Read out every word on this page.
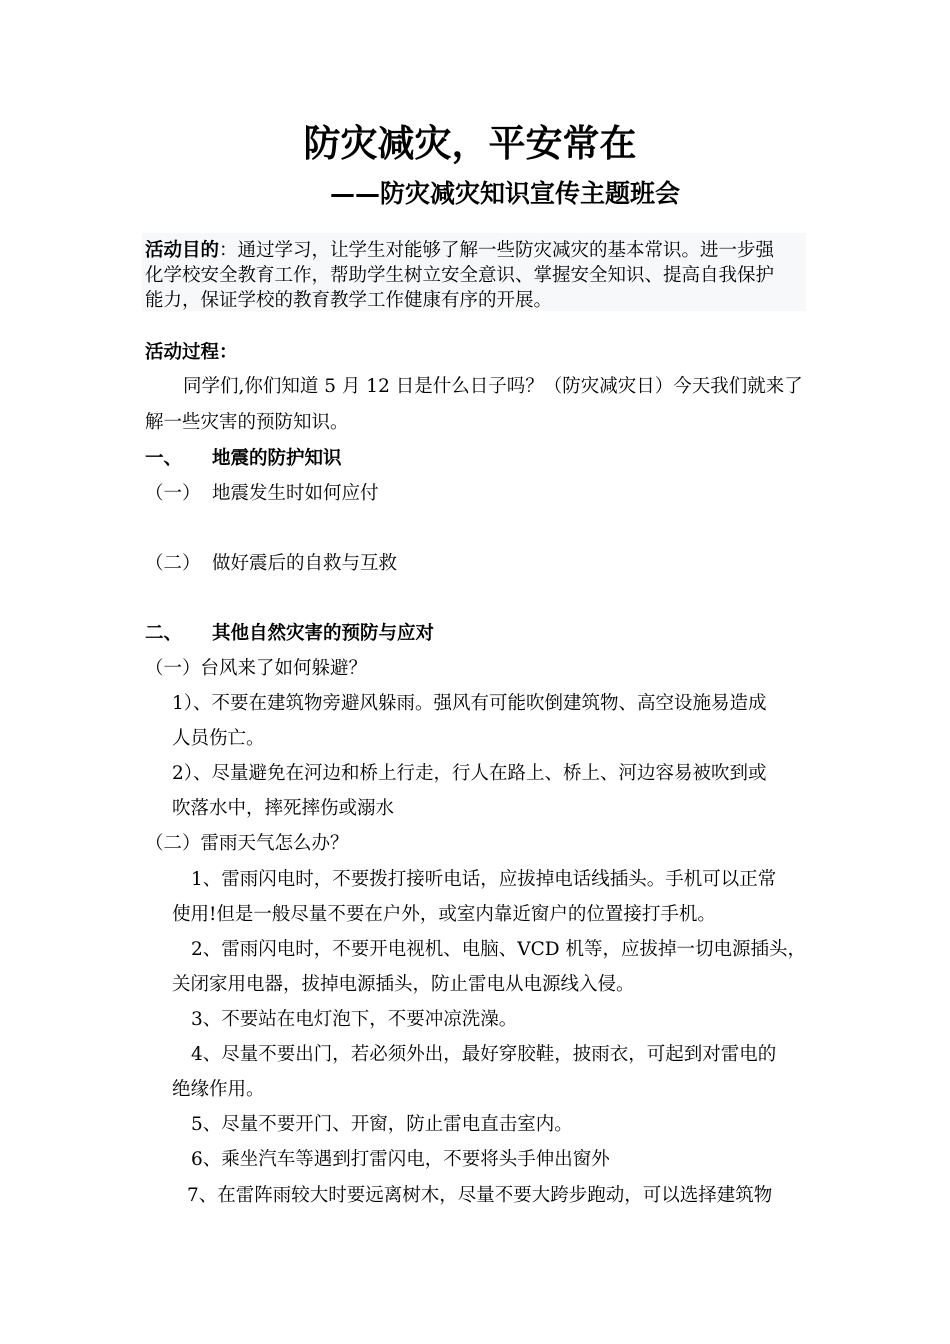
防灾减灾，平安常在
——防灾减灾知识宣传主题班会
活动目的：通过学习，让学生对能够了解一些防灾减灾的基本常识。进一步强
化学校安全教育工作，帮助学生树立安全意识、掌握安全知识、提高自我保护
能力，保证学校的教育教学工作健康有序的开展。
活动过程：
同学们,你们知道 5 月 12 日是什么日子吗？（防灾减灾日）今天我们就来了
解一些灾害的预防知识。
一、 地震的防护知识
（一） 地震发生时如何应付
（二） 做好震后的自救与互救
二、 其他自然灾害的预防与应对
（一）台风来了如何躲避？
1）、不要在建筑物旁避风躲雨。强风有可能吹倒建筑物、高空设施易造成
人员伤亡。
2）、尽量避免在河边和桥上行走，行人在路上、桥上、河边容易被吹到或
吹落水中，摔死摔伤或溺水
（二）雷雨天气怎么办？
1、雷雨闪电时，不要拨打接听电话，应拔掉电话线插头。手机可以正常
使用!但是一般尽量不要在户外，或室内靠近窗户的位置接打手机。
2、雷雨闪电时，不要开电视机、电脑、VCD 机等，应拔掉一切电源插头，
关闭家用电器，拔掉电源插头，防止雷电从电源线入侵。
3、不要站在电灯泡下，不要冲凉洗澡。
4、尽量不要出门，若必须外出，最好穿胶鞋，披雨衣，可起到对雷电的
绝缘作用。
5、尽量不要开门、开窗，防止雷电直击室内。
6、乘坐汽车等遇到打雷闪电，不要将头手伸出窗外
7、在雷阵雨较大时要远离树木，尽量不要大跨步跑动，可以选择建筑物
